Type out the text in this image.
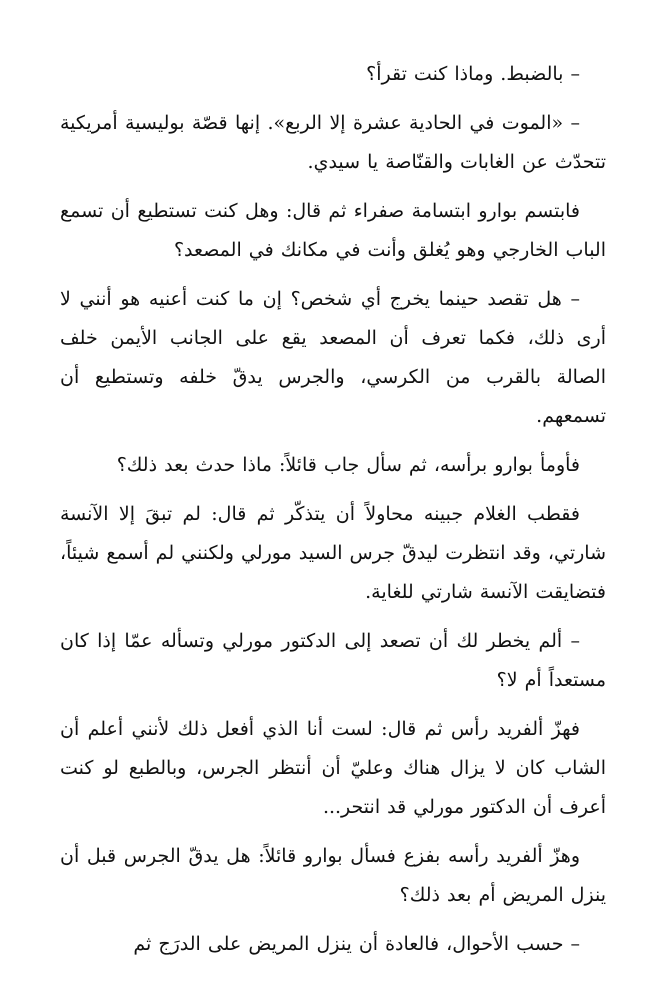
– بالضبط. وماذا كنت تقرأ؟

– «الموت في الحادية عشرة إلا الربع». إنها قصّة بوليسية أمريكية تتحدّث عن الغابات والقنّاصة يا سيدي.

فابتسم بوارو ابتسامة صفراء ثم قال: وهل كنت تستطيع أن تسمع الباب الخارجي وهو يُغلق وأنت في مكانك في المصعد؟

– هل تقصد حينما يخرج أي شخص؟ إن ما كنت أعنيه هو أنني لا أرى ذلك، فكما تعرف أن المصعد يقع على الجانب الأيمن خلف الصالة بالقرب من الكرسي، والجرس يدقّ خلفه وتستطيع أن تسمعهم.

فأومأ بوارو برأسه، ثم سأل جاب قائلاً: ماذا حدث بعد ذلك؟

فقطب الغلام جبينه محاولاً أن يتذكّر ثم قال: لم تبقَ إلا الآنسة شارتي، وقد انتظرت ليدقّ جرس السيد مورلي ولكنني لم أسمع شيئاً، فتضايقت الآنسة شارتي للغاية.

– ألم يخطر لك أن تصعد إلى الدكتور مورلي وتسأله عمّا إذا كان مستعداً أم لا؟

فهزّ ألفريد رأس ثم قال: لست أنا الذي أفعل ذلك لأنني أعلم أن الشاب كان لا يزال هناك وعليّ أن أنتظر الجرس، وبالطبع لو كنت أعرف أن الدكتور مورلي قد انتحر...

وهزّ ألفريد رأسه بفزع فسأل بوارو قائلاً: هل يدقّ الجرس قبل أن ينزل المريض أم بعد ذلك؟

– حسب الأحوال، فالعادة أن ينزل المريض على الدرَج ثم
